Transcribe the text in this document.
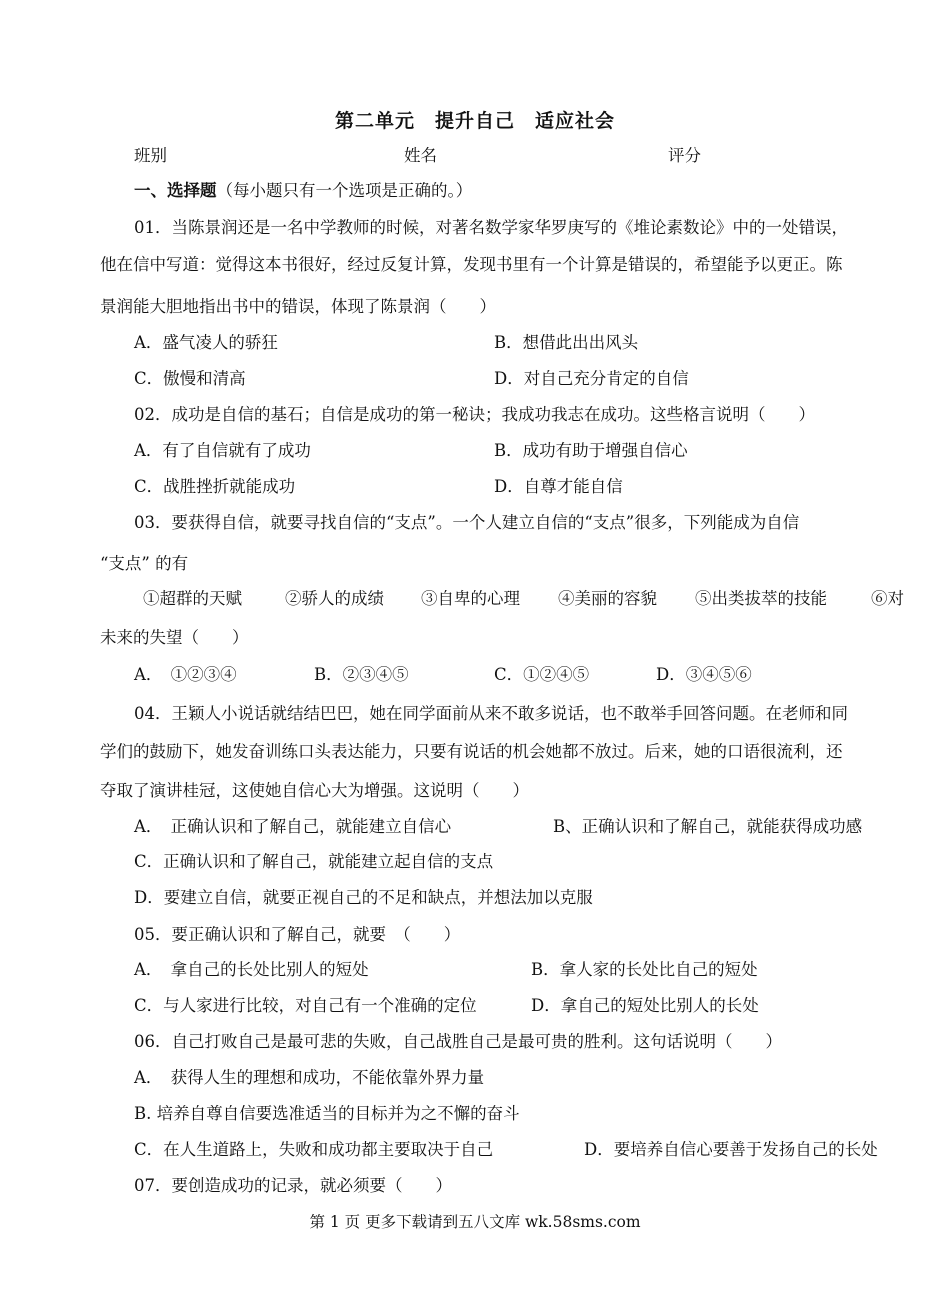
第二单元　提升自己　适应社会
班别	姓名	评分
一、选择题（每小题只有一个选项是正确的。）
01．当陈景润还是一名中学教师的时候，对著名数学家华罗庚写的《堆论素数论》中的一处错误，
他在信中写道：觉得这本书很好，经过反复计算，发现书里有一个计算是错误的，希望能予以更正。陈
景润能大胆地指出书中的错误，体现了陈景润（　　）
A．盛气凌人的骄狂	B．想借此出出风头
C．傲慢和清高	D．对自己充分肯定的自信
02．成功是自信的基石；自信是成功的第一秘诀；我成功我志在成功。这些格言说明（　　）
A．有了自信就有了成功	B．成功有助于增强自信心
C．战胜挫折就能成功	D．自尊才能自信
03．要获得自信，就要寻找自信的“支点”。一个人建立自信的“支点”很多，下列能成为自信
“支点” 的有
①超群的天赋	②骄人的成绩 ③自卑的心理 ④美丽的容貌 ⑤出类拔萃的技能	⑥对
未来的失望（　　）
A．　①②③④	B．②③④⑤	C．①②④⑤	D．③④⑤⑥
04．王颖人小说话就结结巴巴，她在同学面前从来不敢多说话，也不敢举手回答问题。在老师和同
学们的鼓励下，她发奋训练口头表达能力，只要有说话的机会她都不放过。后来，她的口语很流利，还
夺取了演讲桂冠，这使她自信心大为增强。这说明（　　）
A．　正确认识和了解自己，就能建立自信心	B、正确认识和了解自己，就能获得成功感
C．正确认识和了解自己，就能建立起自信的支点
D．要建立自信，就要正视自己的不足和缺点，并想法加以克服
05．要正确认识和了解自己，就要　（　　）
A．　拿自己的长处比别人的短处	B．拿人家的长处比自己的短处
C．与人家进行比较，对自己有一个准确的定位	D．拿自己的短处比别人的长处
06．自己打败自己是最可悲的失败，自己战胜自己是最可贵的胜利。这句话说明（　　）
A．　获得人生的理想和成功，不能依靠外界力量
B. 培养自尊自信要选准适当的目标并为之不懈的奋斗
C．在人生道路上，失败和成功都主要取决于自己	D．要培养自信心要善于发扬自己的长处
07．要创造成功的记录，就必须要（　　）
第 1 页 更多下载请到五八文库 wk.58sms.com
